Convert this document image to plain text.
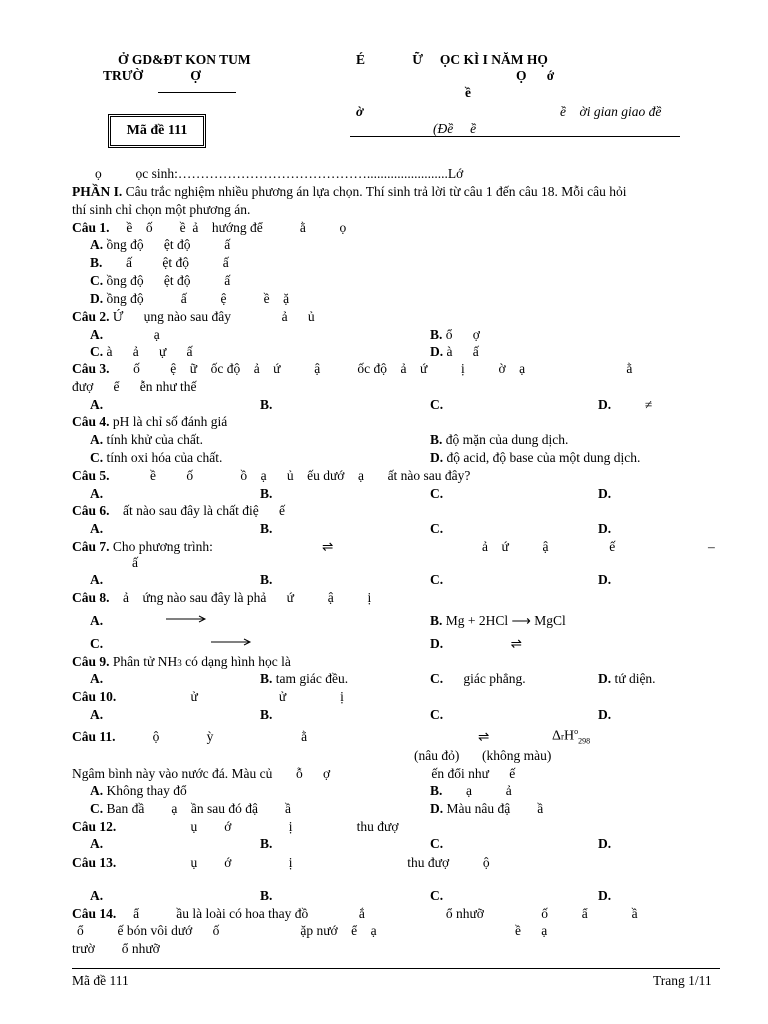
Ở GD&ĐT KON TUM
TRƯỜ              Ợ
É              Ữ     ỌC KÌ I NĂM HỌ
Ọ      ớ
ề
ờ	ề    ời gian giao đề
(Đề     ề
Mã đề 111
ọ          ọc sinh:……………………………………........................Lớ
PHẦN I. Câu trắc nghiệm nhiều phương án lựa chọn. Thí sinh trả lời từ câu 1 đến câu 18. Mỗi câu hỏi
thí sinh chỉ chọn một phương án.
Câu 1.     ề    ố        ề  ả    hướng để           ằ          ọ
A. ồng độ      ệt độ          ấ
B.       ấ         ệt độ          ấ
C. ồng độ      ệt độ          ấ
D. ồng độ           ấ          ệ           ề    ặ
Câu 2. Ứ      ụng nào sau đây               ả      ủ
A.	ạ	B. ổ      ợ
C. à      ả      ự      ấ	D. à      ấ
Câu 3.       ố         ệ    ữ    ốc độ    ả    ứ          ậ           ốc độ    ả    ứ          ị          ờ    ạ                              ằ
đượ      ể      ễn như thế
A.	B.	C.	D.	≠
Câu 4. pH là chỉ số đánh giá
A. tính khử của chất.	B. độ mặn của dung dịch.
C. tính oxi hóa của chất.	D. độ acid, độ base của một dung dịch.
Câu 5.            ề         ố              ồ    ạ      ủ    ếu dướ    ạ       ất nào sau đây?
A.	B.	C.	D.
Câu 6.    ất nào sau đây là chất điệ      ế
A.	B.	C.	D.
Câu 7. Cho phương trình:	⇌	ả    ứ          ậ                  ế	–
ấ
A.	B.	C.	D.
Câu 8.    ả    ứng nào sau đây là phả      ứ          ậ          ị
A.	B. Mg + 2HCl ⟶ MgCl
C.	D.	⇌
Câu 9. Phân tử NH3 có dạng hình học là
A.	B. tam giác đều.	C.      giác phẳng.	D. tứ diện.
Câu 10.                      ử                        ử                ị
A.	B.	C.	D.
Câu 11.           ộ              ỳ                          ằ	⇌	ΔrH$^o_{298}$
(nâu đỏ) (không màu)
Ngâm bình này vào nước đá. Màu củ       ỗ      ợ                              ến đổi như      ế
A. Không thay đổ	B.       ạ          ả
C. Ban đầ        ạ    ần sau đó đậ        ầ	D. Màu nâu đậ        ầ
Câu 12.                      ụ        ớ                 ị                   thu đượ
A.	B.	C.	D.
Câu 13.                      ụ        ớ                 ị                                  thu đượ          ộ
A.	B.	C.	D.
Câu 14.     ẩ           ầu là loài có hoa thay đồ               ắ                        ổ nhưỡ                 ố          ẩ             ầ
ổ          ế bón vôi dướ      ố                        ặp nướ    ể    ạ                                         ề      ạ
trườ        ổ nhưỡ
Mã đề 111	Trang 1/11
